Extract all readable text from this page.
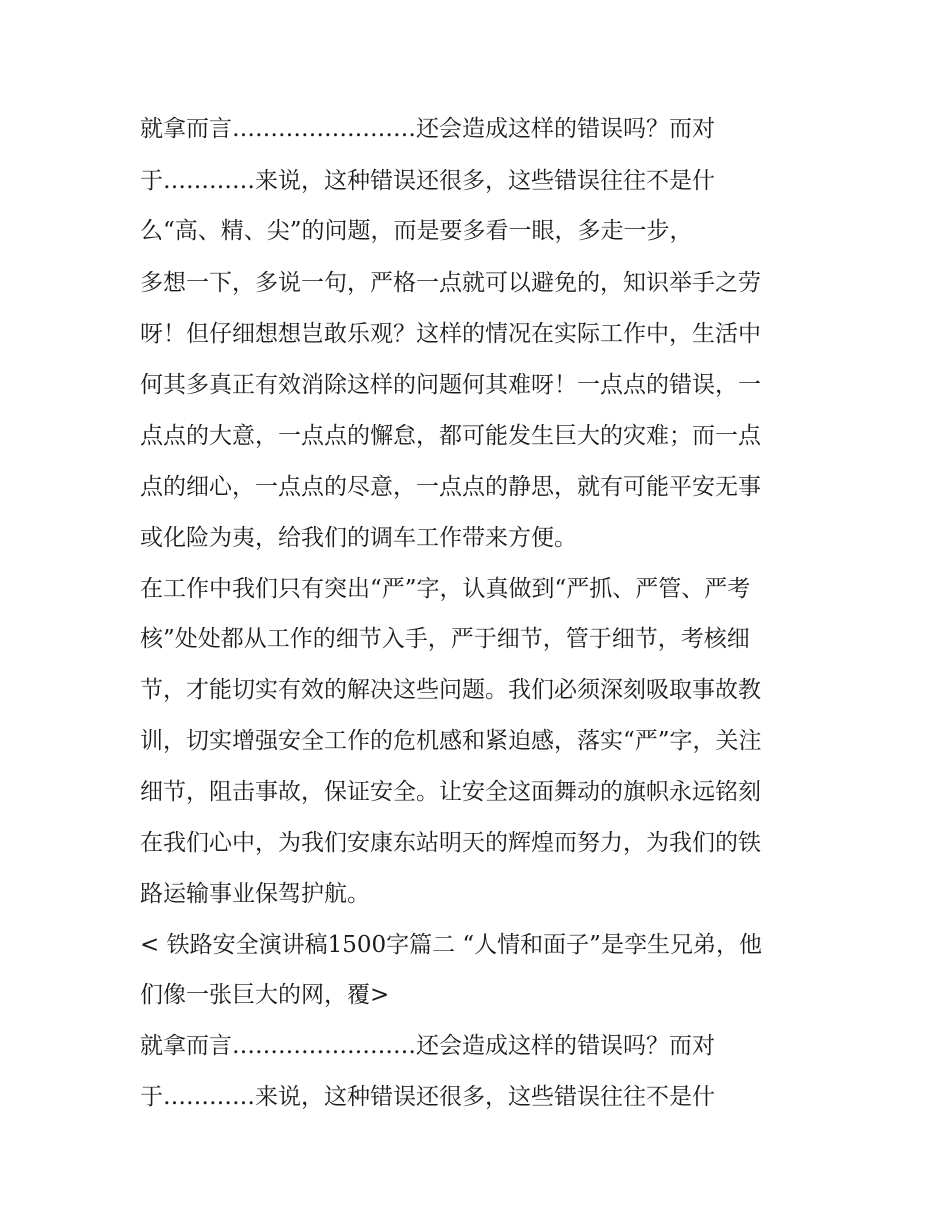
就拿而言……………………还会造成这样的错误吗？而对
于…………来说，这种错误还很多，这些错误往往不是什
么“高、精、尖”的问题，而是要多看一眼，多走一步，
多想一下，多说一句，严格一点就可以避免的，知识举手之劳
呀！但仔细想想岂敢乐观？这样的情况在实际工作中，生活中
何其多真正有效消除这样的问题何其难呀！一点点的错误，一
点点的大意，一点点的懈怠，都可能发生巨大的灾难；而一点
点的细心，一点点的尽意，一点点的静思，就有可能平安无事
或化险为夷，给我们的调车工作带来方便。
在工作中我们只有突出“严”字，认真做到“严抓、严管、严考
核”处处都从工作的细节入手，严于细节，管于细节，考核细
节，才能切实有效的解决这些问题。我们必须深刻吸取事故教
训，切实增强安全工作的危机感和紧迫感，落实“严”字，关注
细节，阻击事故，保证安全。让安全这面舞动的旗帜永远铭刻
在我们心中，为我们安康东站明天的辉煌而努力，为我们的铁
路运输事业保驾护航。
< 铁路安全演讲稿1500字篇二 “人情和面子”是孪生兄弟，他
们像一张巨大的网，覆>
就拿而言……………………还会造成这样的错误吗？而对
于…………来说，这种错误还很多，这些错误往往不是什
